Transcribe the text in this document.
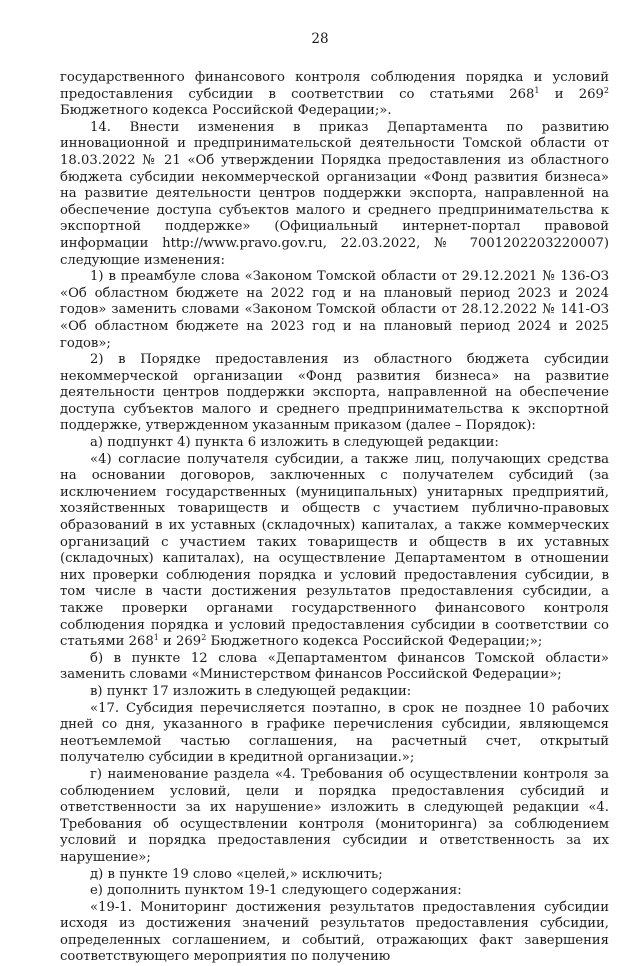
28

государственного финансового контроля соблюдения порядка и условий предоставления субсидии в соответствии со статьями $268^1$ и $269^2$ Бюджетного кодекса Российской Федерации;».

14. Внести изменения в приказ Департамента по развитию инновационной и предпринимательской деятельности Томской области от 18.03.2022 № 21 «Об утверждении Порядка предоставления из областного бюджета субсидии некоммерческой организации «Фонд развития бизнеса» на развитие деятельности центров поддержки экспорта, направленной на обеспечение доступа субъектов малого и среднего предпринимательства к экспортной поддержке» (Официальный интернет-портал правовой информации http://www.pravo.gov.ru, 22.03.2022, № 7001202203220007) следующие изменения:

1) в преамбуле слова «Законом Томской области от 29.12.2021 № 136-ОЗ «Об областном бюджете на 2022 год и на плановый период 2023 и 2024 годов» заменить словами «Законом Томской области от 28.12.2022 № 141-ОЗ «Об областном бюджете на 2023 год и на плановый период 2024 и 2025 годов»;

2) в Порядке предоставления из областного бюджета субсидии некоммерческой организации «Фонд развития бизнеса» на развитие деятельности центров поддержки экспорта, направленной на обеспечение доступа субъектов малого и среднего предпринимательства к экспортной поддержке, утвержденном указанным приказом (далее – Порядок):

а) подпункт 4) пункта 6 изложить в следующей редакции:

«4) согласие получателя субсидии, а также лиц, получающих средства на основании договоров, заключенных с получателем субсидий (за исключением государственных (муниципальных) унитарных предприятий, хозяйственных товариществ и обществ с участием публично-правовых образований в их уставных (складочных) капиталах, а также коммерческих организаций с участием таких товариществ и обществ в их уставных (складочных) капиталах), на осуществление Департаментом в отношении них проверки соблюдения порядка и условий предоставления субсидии, в том числе в части достижения результатов предоставления субсидии, а также проверки органами государственного финансового контроля соблюдения порядка и условий предоставления субсидии в соответствии со статьями $268^1$ и $269^2$ Бюджетного кодекса Российской Федерации;»;

б) в пункте 12 слова «Департаментом финансов Томской области» заменить словами «Министерством финансов Российской Федерации»;

в) пункт 17 изложить в следующей редакции:

«17. Субсидия перечисляется поэтапно, в срок не позднее 10 рабочих дней со дня, указанного в графике перечисления субсидии, являющемся неотъемлемой частью соглашения, на расчетный счет, открытый получателю субсидии в кредитной организации.»;

г) наименование раздела «4. Требования об осуществлении контроля за соблюдением условий, цели и порядка предоставления субсидий и ответственности за их нарушение» изложить в следующей редакции «4. Требования об осуществлении контроля (мониторинга) за соблюдением условий и порядка предоставления субсидии и ответственность за их нарушение»;

д) в пункте 19 слово «целей,» исключить;

е) дополнить пунктом 19-1 следующего содержания:

«19-1. Мониторинг достижения результатов предоставления субсидии исходя из достижения значений результатов предоставления субсидии, определенных соглашением, и событий, отражающих факт завершения соответствующего мероприятия по получению
